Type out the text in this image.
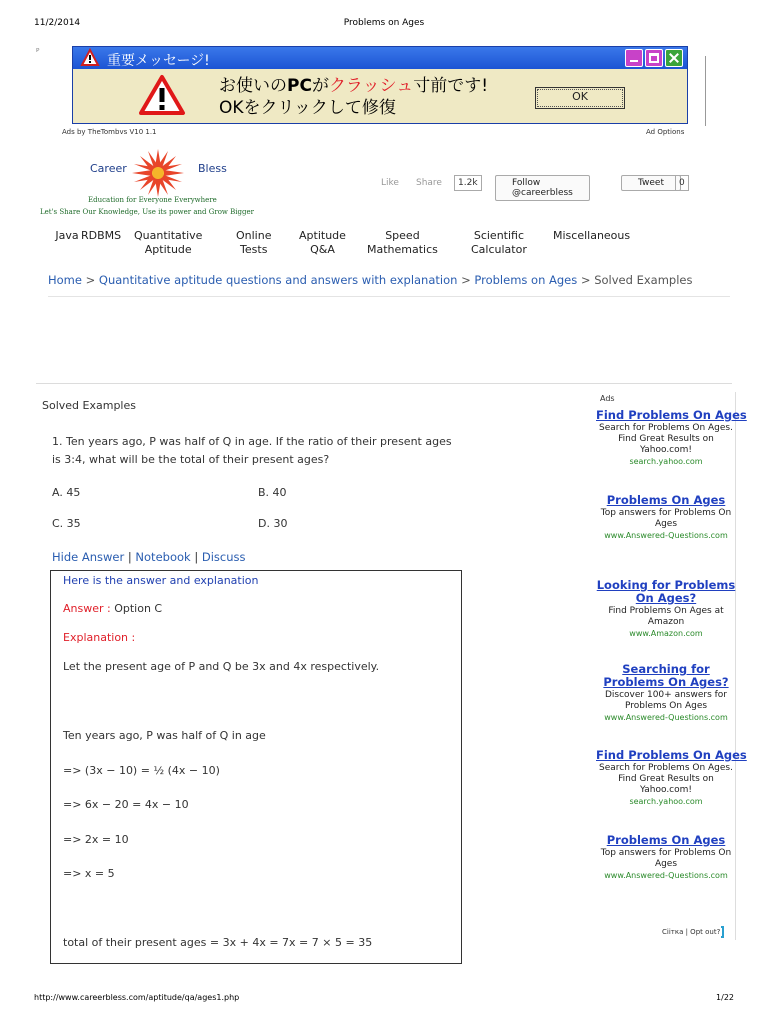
11/2/2014	Problems on Ages
ᴾ	重要メッセージ!
お使いのPCがクラッシュ寸前です!
OKをクリックして修復
OK
Ads by TheTombvs V10 1.1	Ad Options
Career	Bless
Education for Everyone Everywhere
Let's Share Our Knowledge, Use its power and Grow Bigger
Like Share	1.2k	Follow @careerbless
Tweet	0
Java RDBMS Quantitative
Aptitude
Online
Tests
Aptitude
Q&A
Speed
Mathematics
Scientific
Calculator
Miscellaneous
Home > Quantitative aptitude questions and answers with explanation > Problems on Ages > Solved Examples
Solved Examples
1. Ten years ago, P was half of Q in age. If the ratio of their present ages is 3:4, what will be the total of their present ages?
A. 45	B. 40
C. 35	D. 30
Hide Answer | Notebook | Discuss
Here is the answer and explanation
Answer : Option C
Explanation :
Let the present age of P and Q be 3x and 4x respectively.
Ten years ago, P was half of Q in age
=> (3x − 10) = ½ (4x − 10)
=> 6x − 20 = 4x − 10
=> 2x = 10
=> x = 5
total of their present ages = 3x + 4x = 7x = 7 × 5 = 35
Ads
Find Problems On Ages
Search for Problems On Ages. Find Great Results on Yahoo.com!
search.yahoo.com
Problems On Ages
Top answers for Problems On Ages
www.Answered-Questions.com
Looking for Problems On Ages?
Find Problems On Ages at Amazon
www.Amazon.com
Searching for Problems On Ages?
Discover 100+ answers for Problems On Ages
www.Answered-Questions.com
Find Problems On Ages
Search for Problems On Ages. Find Great Results on Yahoo.com!
search.yahoo.com
Problems On Ages
Top answers for Problems On Ages
www.Answered-Questions.com
Ciiтка | Opt out?
http://www.careerbless.com/aptitude/qa/ages1.php	1/22
